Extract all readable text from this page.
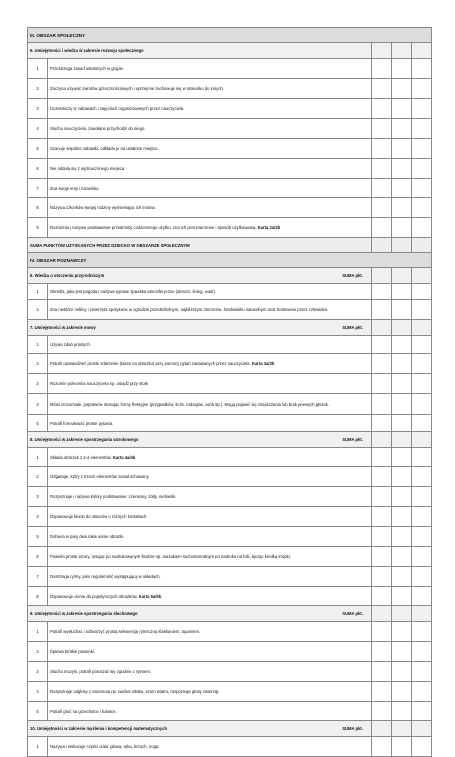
III. OBSZAR SPOŁECZNY				
5. Umiejętności i wiedza w zakresie rozwoju społecznego				
1	Przestrzega zasad ustalonych w grupie.			
2	Zaczyna używać zwrotów grzecznościowych i uprzejmie zachowuje się w stosunku do innych.			
3	Uczestniczy w zabawach i zajęciach organizowanych przez nauczyciela.			
4	Słucha nauczyciela, zawołane przychodzi do niego.			
5	Szanuje wspólne zabawki, odkłada je na ustalone miejsce.			
6	Nie oddala się z wyznaczonego miejsca.			
7	Zna swoje imię i nazwisko.			
8	Nazywa członków swojej rodziny wymieniając ich imiona.			
9	Rozróżnia i nazywa podstawowe przedmioty codziennego użytku, zna ich przeznaczenie i sposób użytkowania. Karta 2a/2b			
SUMA PUNKTÓW UZYSKANYCH PRZEZ DZIECKO W OBSZARZE SPOŁECZNYM				
IV. OBSZAR POZNAWCZY				
6. Wiedza o otoczeniu przyrodniczym SUMA pkt.				

1	Określa, jaka jest pogoda i nazywa typowe zjawiska atmosferyczne (deszcz, śnieg, wiatr).			
2	Zna niektóre rośliny i zwierzęta spotykane w ogrodzie przedszkolnym, najbliższym otoczeniu, środowisku naturalnym oraz hodowane przez człowieka.			
7. Umiejętności w zakresie mowy SUMA pkt.				

1	Używa zdań prostych.			
2	Potrafi opowiedzieć proste zdarzenie (także na obrazku) przy pomocy pytań zadawanych przez nauczyciela. Karta 3a/3b			
3	Rozumie polecenia nauczyciela np. usiądź przy stole.			
4	Mówi zrozumiale, poprawnie stosując formy fleksyjne (przypadków, liczb, rodzajów, osób itp.). Mogą pojawić się zmiękczenia lub brak pewnych głosek.			
5	Potrafi formułować proste pytania.			
8. Umiejętności w zakresie spostrzegania wzrokowego SUMA pkt.				

1	Składa obrazek z 2-4 elementów. Karta 4a/4b			
2	Odgaduje, który z trzech elementów został schowany.			
3	Rozpoznaje i nazywa kolory podstawowe: czerwony, żółty, niebieski.			
4	Dopasowuje klocki do otworów o różnych kształtach.			
5	Dobiera w pary dwa takie same obrazki.			
6	Powiela proste wzory, rysując po nadrukowanym śladzie np. mazakiem suchościeralnym po nadruku na folii, łącząc kredką kropki.			
7	Dostrzega rytmy, jako regularność występującą w układach.			
8	Dopasowuje cienie do pojedynczych obrazków. Karta 5a/5b			
9. Umiejętności w zakresie spostrzegania słuchowego SUMA pkt.				

1	Potrafi wysłuchać i odtworzyć prostą sekwencję rytmiczną klaskaniem, tupaniem.			
2	Śpiewa krótkie piosenki.			
3	Słucha muzyki, potrafi poruszać się zgodnie z rytmem.			
4	Rozpoznaje odgłosy z otoczenia np. warkot silnika, szum wiatru, rozpoznaje głosy zwierząt.			
5	Potrafi grać na grzechotce i kołatce.			
10. Umiejętności w zakresie myślenia i kompetencji matematycznych SUMA pkt.				

1	Nazywa i wskazuje części ciała: głowa, ręka, brzuch, noga.			
